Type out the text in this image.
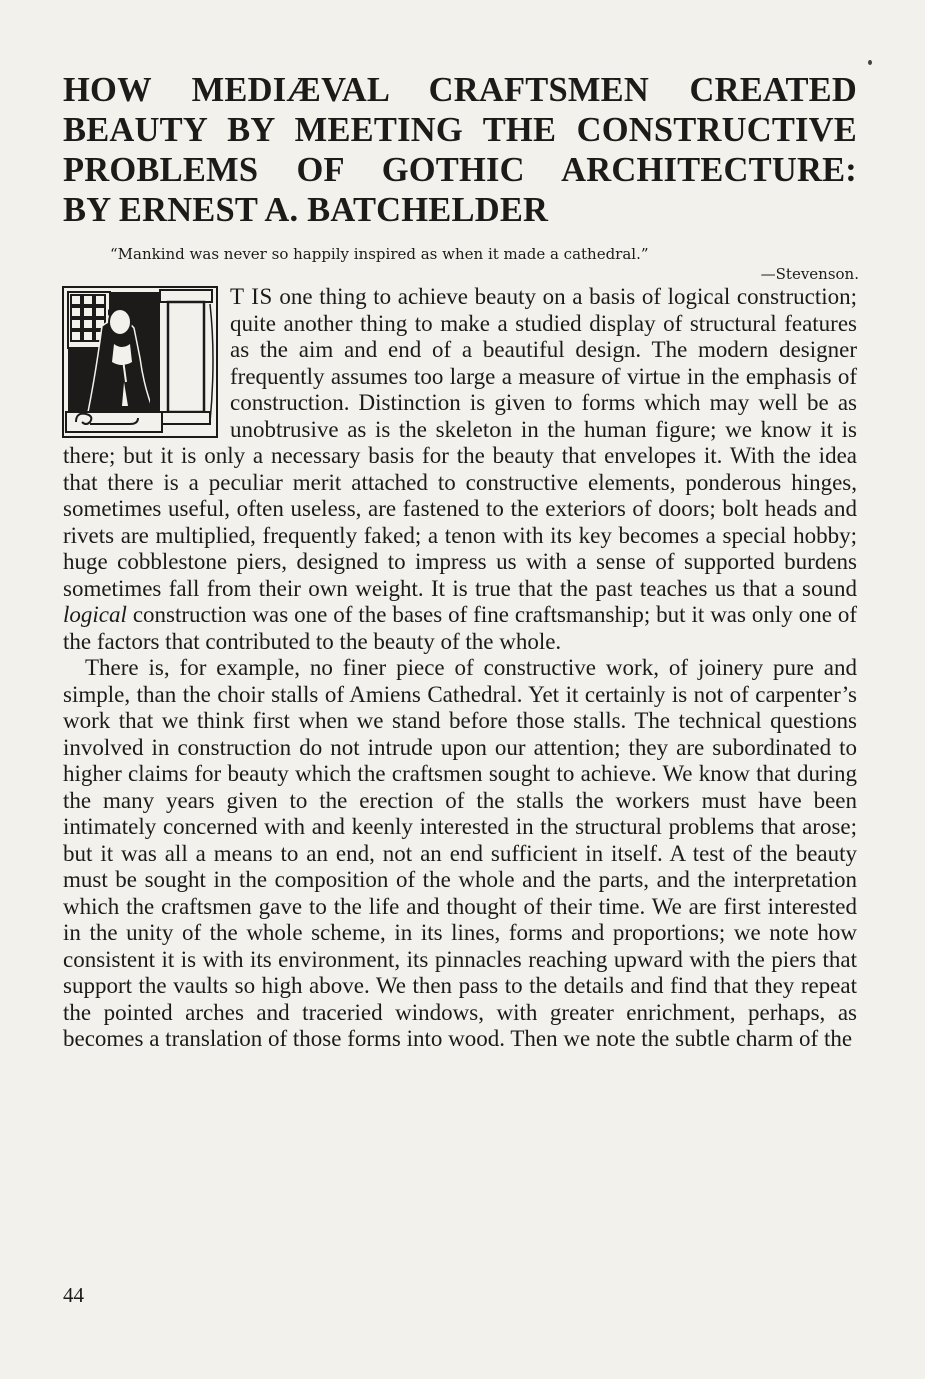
HOW MEDIÆVAL CRAFTSMEN CREATED
BEAUTY BY MEETING THE CONSTRUCTIVE
PROBLEMS OF GOTHIC ARCHITECTURE:
BY ERNEST A. BATCHELDER
“Mankind was never so happily inspired as when it made a cathedral.”
—Stevenson.

T IS one thing to achieve beauty on a basis of logical construction; quite another thing to make a studied display of structural features as the aim and end of a beautiful design. The modern designer frequently assumes too large a measure of virtue in the emphasis of construction. Distinction is given to forms which may well be as unobtrusive as is the skeleton in the human figure; we know it is there; but it is only a necessary basis for the beauty that envelopes it. With the idea that there is a peculiar merit attached to constructive elements, ponderous hinges, sometimes useful, often useless, are fastened to the exteriors of doors; bolt heads and rivets are multiplied, frequently faked; a tenon with its key becomes a special hobby; huge cobblestone piers, designed to impress us with a sense of supported burdens sometimes fall from their own weight. It is true that the past teaches us that a sound logical construction was one of the bases of fine craftsmanship; but it was only one of the factors that contributed to the beauty of the whole.

There is, for example, no finer piece of constructive work, of joinery pure and simple, than the choir stalls of Amiens Cathedral. Yet it certainly is not of carpenter’s work that we think first when we stand before those stalls. The technical questions involved in construction do not intrude upon our attention; they are subordinated to higher claims for beauty which the craftsmen sought to achieve. We know that during the many years given to the erection of the stalls the workers must have been intimately concerned with and keenly interested in the structural problems that arose; but it was all a means to an end, not an end sufficient in itself. A test of the beauty must be sought in the composition of the whole and the parts, and the interpretation which the craftsmen gave to the life and thought of their time. We are first interested in the unity of the whole scheme, in its lines, forms and proportions; we note how consistent it is with its environment, its pinnacles reaching upward with the piers that support the vaults so high above. We then pass to the details and find that they repeat the pointed arches and traceried windows, with greater enrichment, perhaps, as becomes a translation of those forms into wood. Then we note the subtle charm of the

44
